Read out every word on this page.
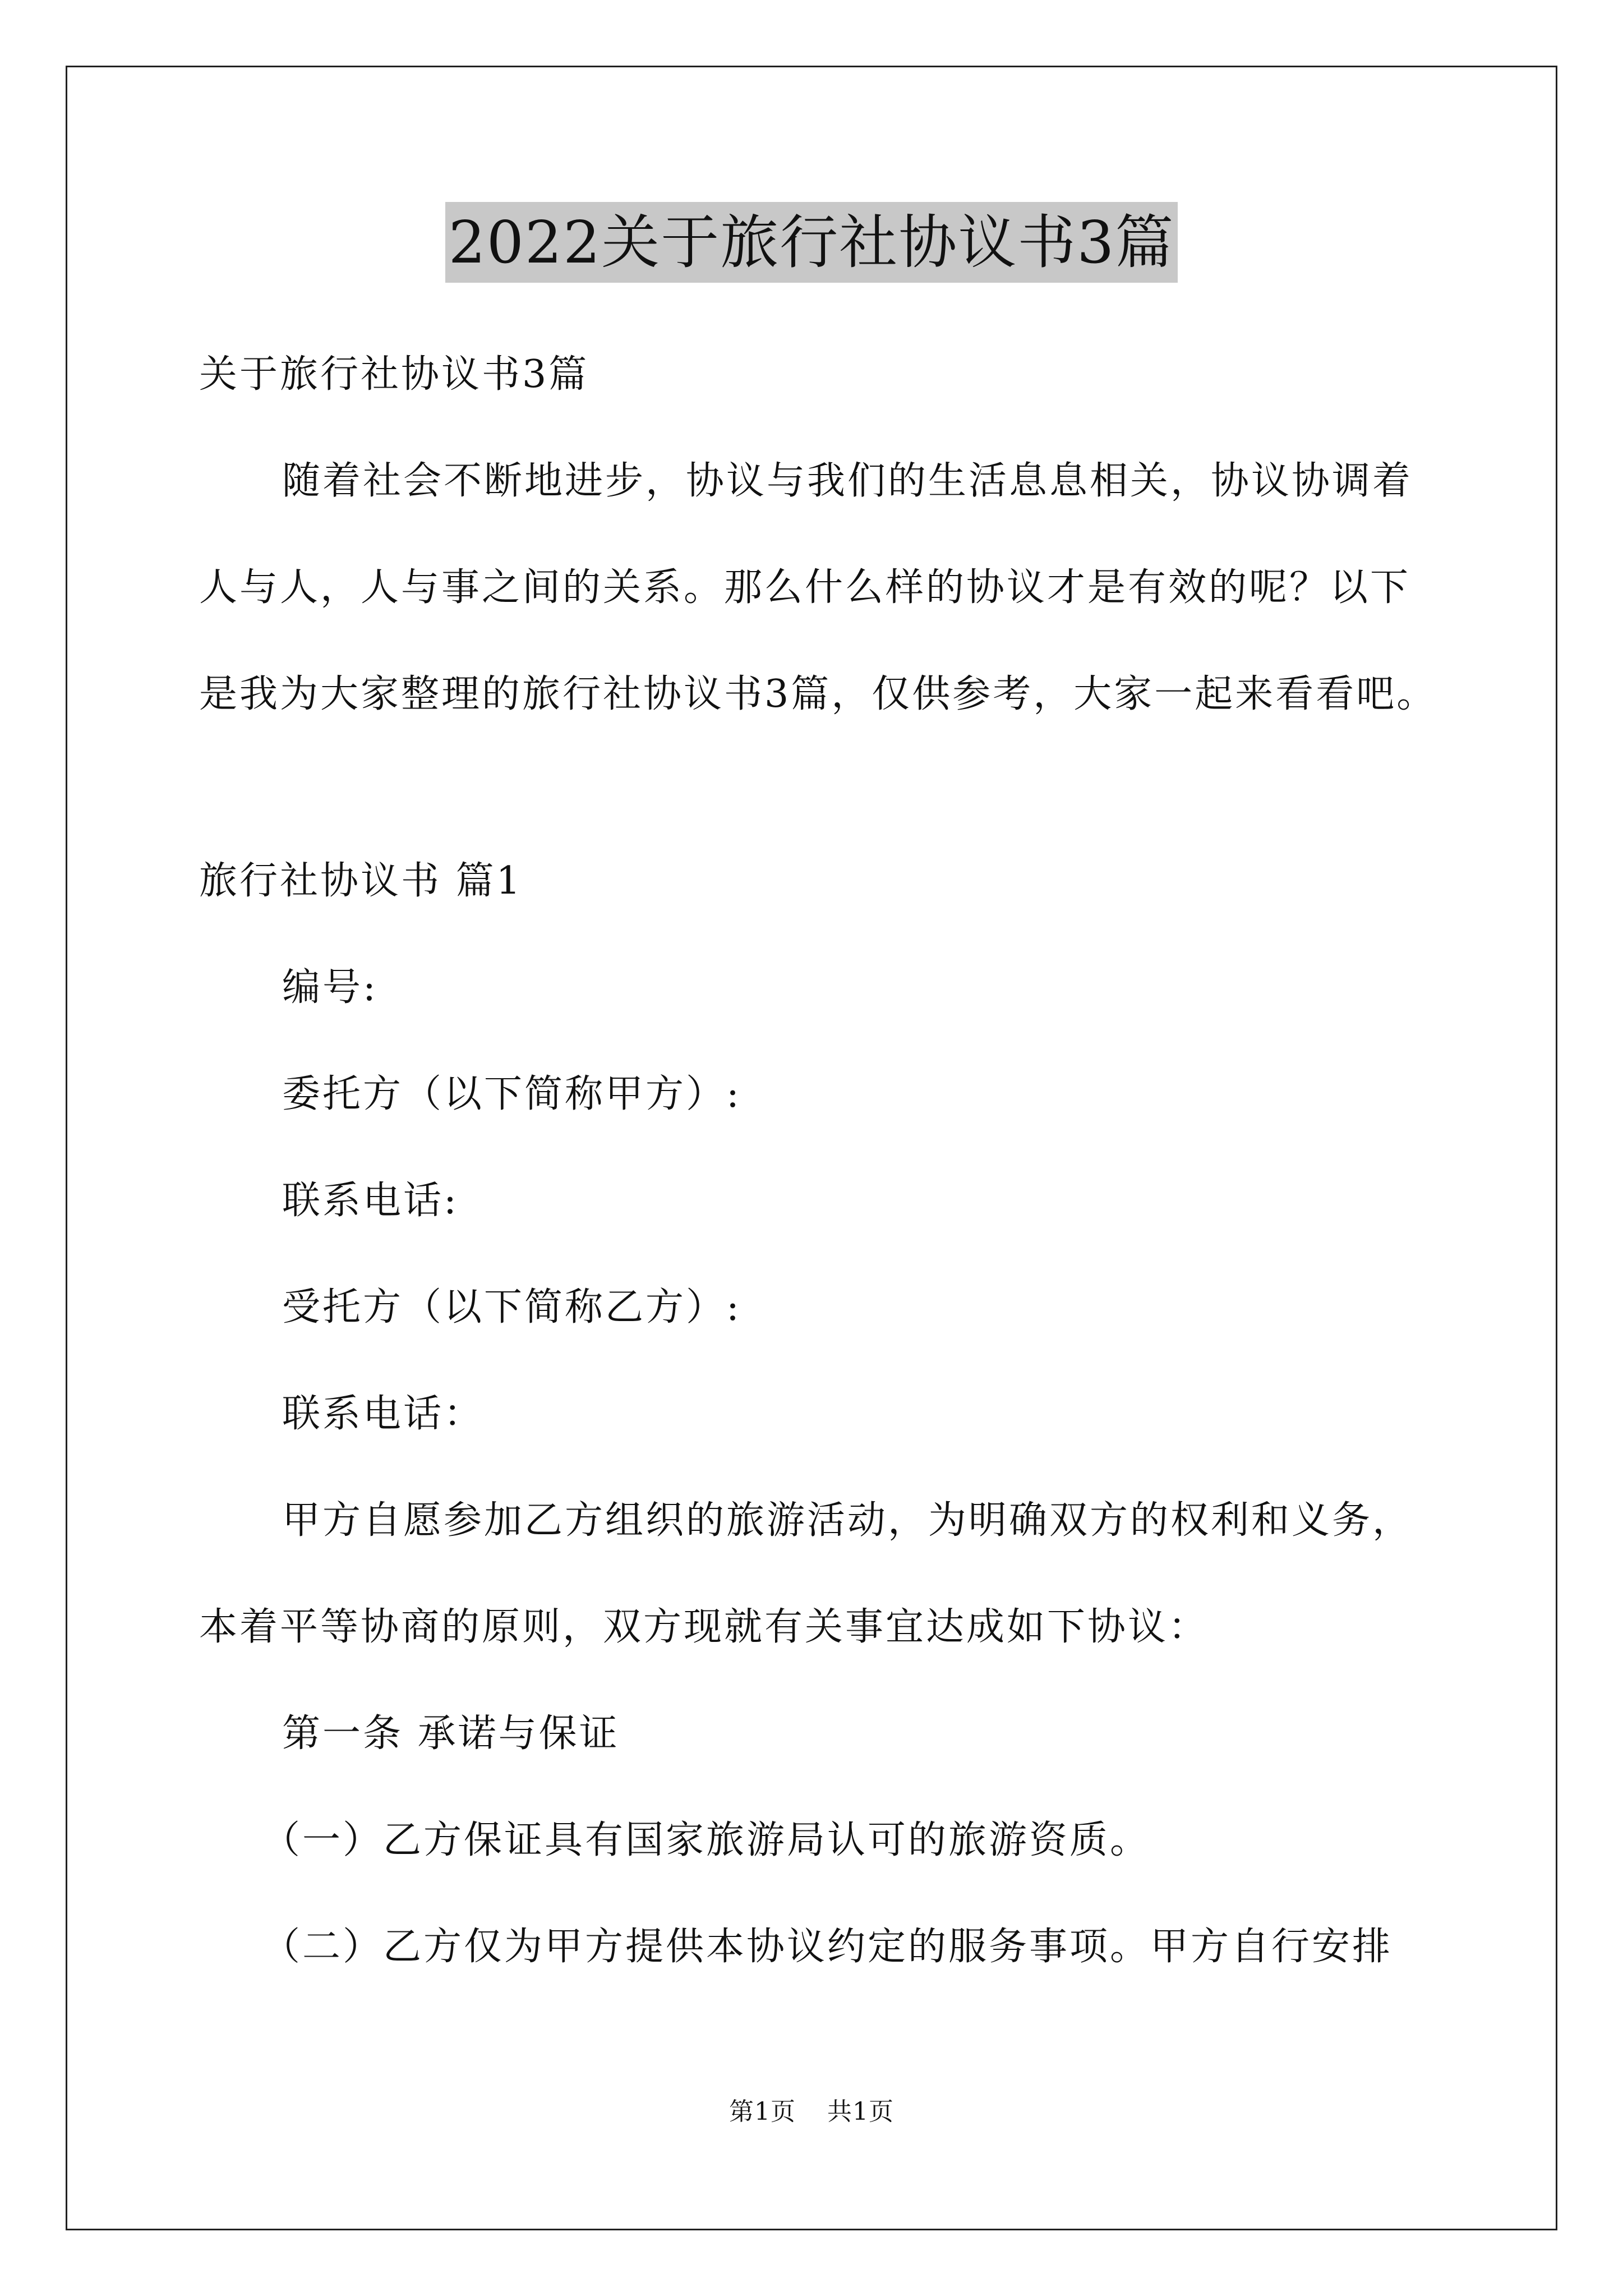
2022关于旅行社协议书3篇

关于旅行社协议书3篇

随着社会不断地进步，协议与我们的生活息息相关，协议协调着人与人，人与事之间的关系。那么什么样的协议才是有效的呢？以下是我为大家整理的旅行社协议书3篇，仅供参考，大家一起来看看吧。

旅行社协议书 篇1

编号:

委托方（以下简称甲方）:

联系电话:

受托方（以下简称乙方）:

联系电话：

甲方自愿参加乙方组织的旅游活动，为明确双方的权利和义务，本着平等协商的原则，双方现就有关事宜达成如下协议：

第一条 承诺与保证

（一）乙方保证具有国家旅游局认可的旅游资质。

（二）乙方仅为甲方提供本协议约定的服务事项。甲方自行安排

第1页 共1页
